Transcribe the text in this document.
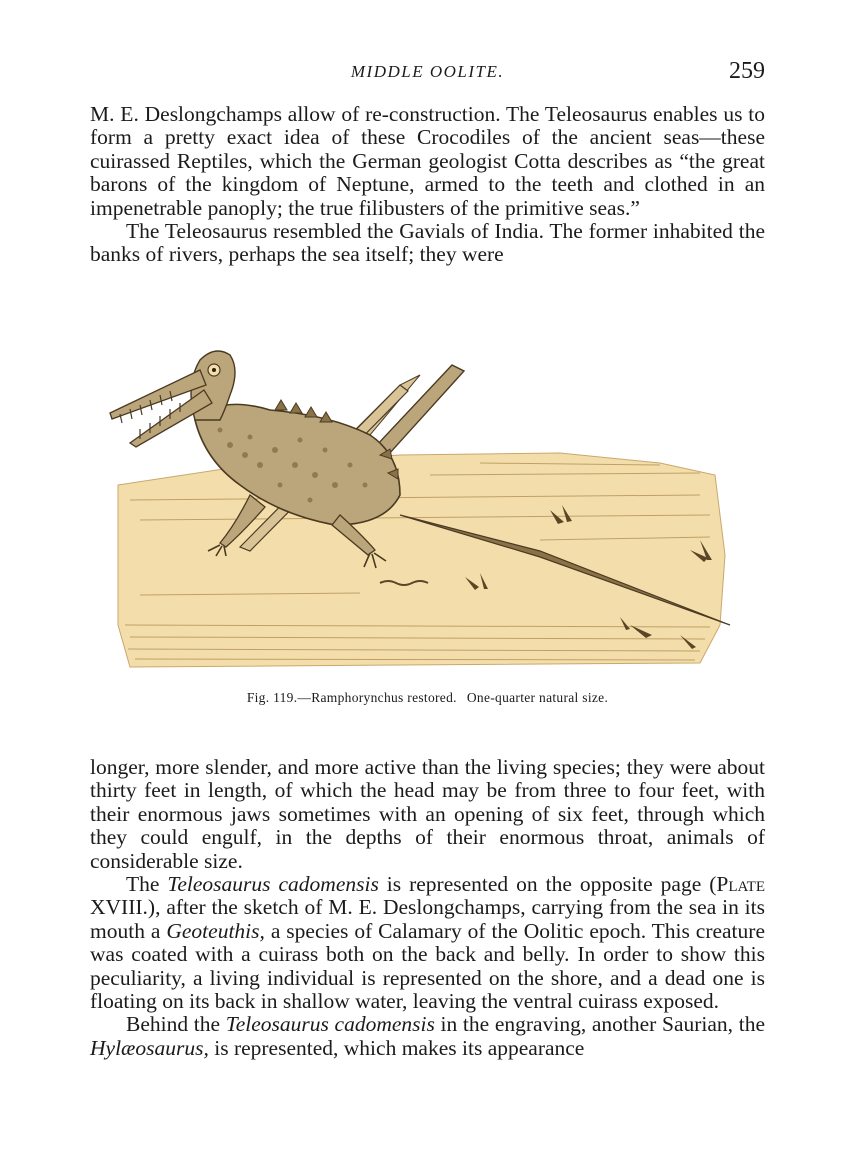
MIDDLE OOLITE.	259

M. E. Deslongchamps allow of re-construction. The Teleosaurus enables us to form a pretty exact idea of these Crocodiles of the ancient seas—these cuirassed Reptiles, which the German geologist Cotta describes as “the great barons of the kingdom of Neptune, armed to the teeth and clothed in an impenetrable panoply; the true filibusters of the primitive seas.”

The Teleosaurus resembled the Gavials of India. The former inhabited the banks of rivers, perhaps the sea itself; they were

Fig. 119.—Ramphorynchus restored. One-quarter natural size.

longer, more slender, and more active than the living species; they were about thirty feet in length, of which the head may be from three to four feet, with their enormous jaws sometimes with an opening of six feet, through which they could engulf, in the depths of their enormous throat, animals of considerable size.

The Teleosaurus cadomensis is represented on the opposite page (Plate XVIII.), after the sketch of M. E. Deslongchamps, carrying from the sea in its mouth a Geoteuthis, a species of Calamary of the Oolitic epoch. This creature was coated with a cuirass both on the back and belly. In order to show this peculiarity, a living individual is represented on the shore, and a dead one is floating on its back in shallow water, leaving the ventral cuirass exposed.

Behind the Teleosaurus cadomensis in the engraving, another Saurian, the Hylæosaurus, is represented, which makes its appearance
